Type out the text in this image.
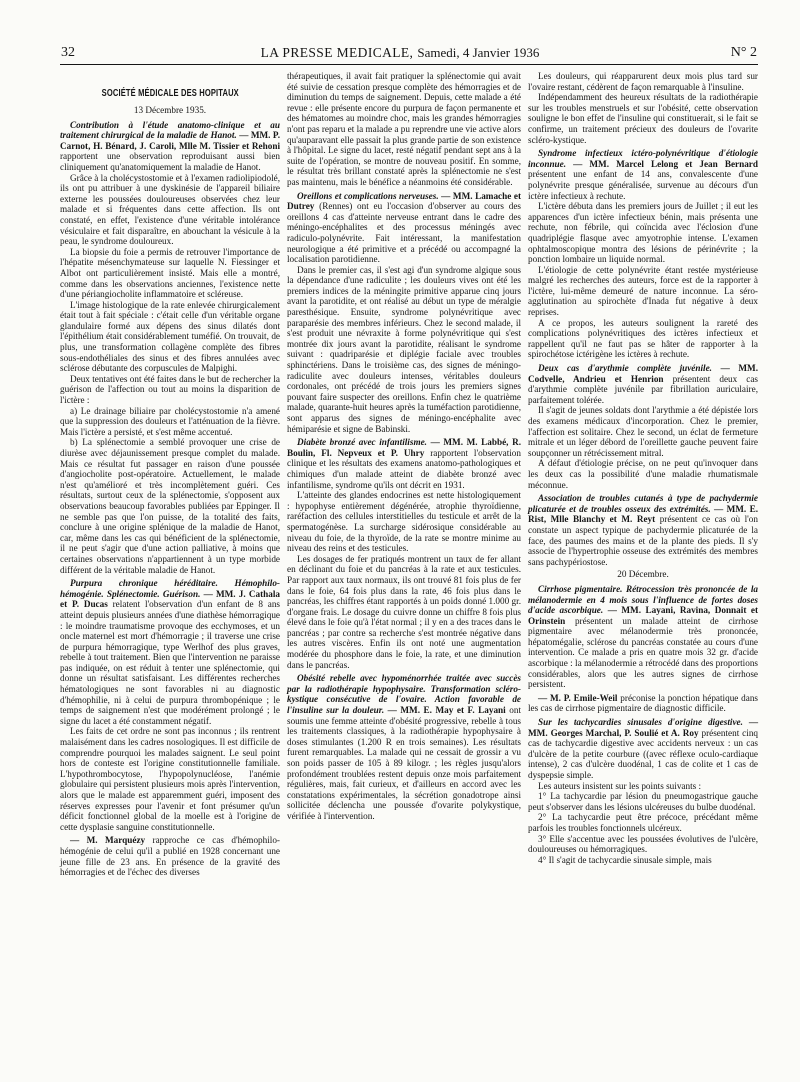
32	LA PRESSE MEDICALE, Samedi, 4 Janvier 1936	N° 2
SOCIÉTÉ MÉDICALE DES HOPITAUX

13 Décembre 1935.

Contribution à l'étude anatomo-clinique et au traitement chirurgical de la maladie de Hanot. — MM. P. Carnot, H. Bénard, J. Caroli, Mlle M. Tissier et Rehoni rapportent une observation reproduisant aussi bien cliniquement qu'anatomiquement la maladie de Hanot.

Grâce à la cholécystostomie et à l'examen radiolipiodolé, ils ont pu attribuer à une dyskinésie de l'appareil biliaire externe les poussées douloureuses observées chez leur malade et si fréquentes dans cette affection. Ils ont constaté, en effet, l'existence d'une véritable intolérance vésiculaire et fait disparaître, en abouchant la vésicule à la peau, le syndrome douloureux.

La biopsie du foie a permis de retrouver l'importance de l'hépatite mésenchymateuse sur laquelle N. Fiessinger et Albot ont particulièrement insisté. Mais elle a montré, comme dans les observations anciennes, l'existence nette d'une périangiocholite inflammatoire et scléreuse.

L'image histologique de la rate enlevée chirurgicalement était tout à fait spéciale : c'était celle d'un véritable organe glandulaire formé aux dépens des sinus dilatés dont l'épithélium était considérablement tuméfié. On trouvait, de plus, une transformation collagène complète des fibres sous-endothéliales des sinus et des fibres annulées avec sclérose débutante des corpuscules de Malpighi.

Deux tentatives ont été faites dans le but de rechercher la guérison de l'affection ou tout au moins la disparition de l'ictère :

a) Le drainage biliaire par cholécystostomie n'a amené que la suppression des douleurs et l'atténuation de la fièvre. Mais l'ictère a persisté, et s'est même accentué.

b) La splénectomie a semblé provoquer une crise de diurèse avec déjaunissement presque complet du malade. Mais ce résultat fut passager en raison d'une poussée d'angiocholite post-opératoire. Actuellement, le malade n'est qu'amélioré et très incomplètement guéri. Ces résultats, surtout ceux de la splénectomie, s'opposent aux observations beaucoup favorables publiées par Eppinger. Il ne semble pas que l'on puisse, de la totalité des faits, conclure à une origine splénique de la maladie de Hanot, car, même dans les cas qui bénéficient de la splénectomie, il ne peut s'agir que d'une action palliative, à moins que certaines observations n'appartiennent à un type morbide différent de la véritable maladie de Hanot.

Purpura chronique héréditaire. Hémophilo-hémogénie. Splénectomie. Guérison. — MM. J. Cathala et P. Ducas relatent l'observation d'un enfant de 8 ans atteint depuis plusieurs années d'une diathèse hémorragique : le moindre traumatisme provoque des ecchymoses, et un oncle maternel est mort d'hémorragie ; il traverse une crise de purpura hémorragique, type Werlhof des plus graves, rebelle à tout traitement. Bien que l'intervention ne paraisse pas indiquée, on est réduit à tenter une splénectomie, qui donne un résultat satisfaisant. Les différentes recherches hématologiques ne sont favorables ni au diagnostic d'hémophilie, ni à celui de purpura thrombopénique ; le temps de saignement n'est que modérément prolongé ; le signe du lacet a été constamment négatif.

Les faits de cet ordre ne sont pas inconnus ; ils rentrent malaisément dans les cadres nosologiques. Il est difficile de comprendre pourquoi les malades saignent. Le seul point hors de conteste est l'origine constitutionnelle familiale. L'hypothrombocytose, l'hypopolynucléose, l'anémie globulaire qui persistent plusieurs mois après l'intervention, alors que le malade est apparemment guéri, imposent des réserves expresses pour l'avenir et font présumer qu'un déficit fonctionnel global de la moelle est à l'origine de cette dysplasie sanguine constitutionnelle.

— M. Marquézy rapproche ce cas d'hémophilo-hémogénie de celui qu'il a publié en 1928 concernant une jeune fille de 23 ans. En présence de la gravité des hémorragies et de l'échec des diverses

thérapeutiques, il avait fait pratiquer la splénectomie qui avait été suivie de cessation presque complète des hémorragies et de diminution du temps de saignement. Depuis, cette malade a été revue : elle présente encore du purpura de façon permanente et des hématomes au moindre choc, mais les grandes hémorragies n'ont pas reparu et la malade a pu reprendre une vie active alors qu'auparavant elle passait la plus grande partie de son existence à l'hôpital. Le signe du lacet, resté négatif pendant sept ans à la suite de l'opération, se montre de nouveau positif. En somme, le résultat très brillant constaté après la splénectomie ne s'est pas maintenu, mais le bénéfice a néanmoins été considérable.

Oreillons et complications nerveuses. — MM. Lamache et Dutrey (Rennes) ont eu l'occasion d'observer au cours des oreillons 4 cas d'atteinte nerveuse entrant dans le cadre des méningo-encéphalites et des processus méningés avec radiculo-polynévrite. Fait intéressant, la manifestation neurologique a été primitive et a précédé ou accompagné la localisation parotidienne.

Dans le premier cas, il s'est agi d'un syndrome algique sous la dépendance d'une radiculite ; les douleurs vives ont été les premiers indices de la méningite primitive apparue cinq jours avant la parotidite, et ont réalisé au début un type de méralgie paresthésique. Ensuite, syndrome polynévritique avec paraparésie des membres inférieurs. Chez le second malade, il s'est produit une névraxite à forme polynévritique qui s'est montrée dix jours avant la parotidite, réalisant le syndrome suivant : quadriparésie et diplégie faciale avec troubles sphinctériens. Dans le troisième cas, des signes de méningo-radiculite avec douleurs intenses, véritables douleurs cordonales, ont précédé de trois jours les premiers signes pouvant faire suspecter des oreillons. Enfin chez le quatrième malade, quarante-huit heures après la tuméfaction parotidienne, sont apparus des signes de méningo-encéphalite avec hémiparésie et signe de Babinski.

Diabète bronzé avec infantilisme. — MM. M. Labbé, R. Boulin, Fl. Nepveux et P. Uhry rapportent l'observation clinique et les résultats des examens anatomo-pathologiques et chimiques d'un malade atteint de diabète bronzé avec infantilisme, syndrome qu'ils ont décrit en 1931.

L'atteinte des glandes endocrines est nette histologiquement : hypophyse entièrement dégénérée, atrophie thyroïdienne, raréfaction des cellules interstitielles du testicule et arrêt de la spermatogénèse. La surcharge sidérosique considérable au niveau du foie, de la thyroïde, de la rate se montre minime au niveau des reins et des testicules.

Les dosages de fer pratiqués montrent un taux de fer allant en déclinant du foie et du pancréas à la rate et aux testicules. Par rapport aux taux normaux, ils ont trouvé 81 fois plus de fer dans le foie, 64 fois plus dans la rate, 46 fois plus dans le pancréas, les chiffres étant rapportés à un poids donné 1.000 gr. d'organe frais. Le dosage du cuivre donne un chiffre 8 fois plus élevé dans le foie qu'à l'état normal ; il y en a des traces dans le pancréas ; par contre sa recherche s'est montrée négative dans les autres viscères. Enfin ils ont noté une augmentation modérée du phosphore dans le foie, la rate, et une diminution dans le pancréas.

Obésité rebelle avec hypoménorrhée traitée avec succès par la radiothérapie hypophysaire. Transformation scléro-kystique consécutive de l'ovaire. Action favorable de l'insuline sur la douleur. — MM. E. May et F. Layani ont soumis une femme atteinte d'obésité progressive, rebelle à tous les traitements classiques, à la radiothérapie hypophysaire à doses stimulantes (1.200 R en trois semaines). Les résultats furent remarquables. La malade qui ne cessait de grossir a vu son poids passer de 105 à 89 kilogr. ; les règles jusqu'alors profondément troublées restent depuis onze mois parfaitement régulières, mais, fait curieux, et d'ailleurs en accord avec les constatations expérimentales, la sécrétion gonadotrope ainsi sollicitée déclencha une poussée d'ovarite polykystique, vérifiée à l'intervention.

Les douleurs, qui réapparurent deux mois plus tard sur l'ovaire restant, cédèrent de façon remarquable à l'insuline.

Indépendamment des heureux résultats de la radiothérapie sur les troubles menstruels et sur l'obésité, cette observation souligne le bon effet de l'insuline qui constituerait, si le fait se confirme, un traitement précieux des douleurs de l'ovarite scléro-kystique.

Syndrome infectieux ictéro-polynévritique d'étiologie inconnue. — MM. Marcel Lelong et Jean Bernard présentent une enfant de 14 ans, convalescente d'une polynévrite presque généralisée, survenue au décours d'un ictère infectieux à rechute.

L'ictère débuta dans les premiers jours de Juillet ; il eut les apparences d'un ictère infectieux bénin, mais présenta une rechute, non fébrile, qui coïncida avec l'éclosion d'une quadriplégie flasque avec amyotrophie intense. L'examen ophtalmoscopique montra des lésions de périnévrite ; la ponction lombaire un liquide normal.

L'étiologie de cette polynévrite étant restée mystérieuse malgré les recherches des auteurs, force est de la rapporter à l'ictère, lui-même demeuré de nature inconnue. La séro-agglutination au spirochète d'Inada fut négative à deux reprises.

A ce propos, les auteurs soulignent la rareté des complications polynévritiques des ictères infectieux et rappellent qu'il ne faut pas se hâter de rapporter à la spirochétose ictérigène les ictères à rechute.

Deux cas d'arythmie complète juvénile. — MM. Codvelle, Andrieu et Henrion présentent deux cas d'arythmie complète juvénile par fibrillation auriculaire, parfaitement tolérée.

Il s'agit de jeunes soldats dont l'arythmie a été dépistée lors des examens médicaux d'incorporation. Chez le premier, l'affection est solitaire. Chez le second, un éclat de fermeture mitrale et un léger débord de l'oreillette gauche peuvent faire soupçonner un rétrécissement mitral.

A défaut d'étiologie précise, on ne peut qu'invoquer dans les deux cas la possibilité d'une maladie rhumatismale méconnue.

Association de troubles cutanés à type de pachydermie plicaturée et de troubles osseux des extrémités. — MM. E. Rist, Mlle Blanchy et M. Reyt présentent ce cas où l'on constate un aspect typique de pachydermie plicaturée de la face, des paumes des mains et de la plante des pieds. Il s'y associe de l'hypertrophie osseuse des extrémités des membres sans pachypériostose.

20 Décembre.

Cirrhose pigmentaire. Rétrocession très prononcée de la mélanodermie en 4 mois sous l'influence de fortes doses d'acide ascorbique. — MM. Layani, Ravina, Donnait et Orinstein présentent un malade atteint de cirrhose pigmentaire avec mélanodermie très prononcée, hépatomégalie, sclérose du pancréas constatée au cours d'une intervention. Ce malade a pris en quatre mois 32 gr. d'acide ascorbique : la mélanodermie a rétrocédé dans des proportions considérables, alors que les autres signes de cirrhose persistent.

— M. P. Emile-Weil préconise la ponction hépatique dans les cas de cirrhose pigmentaire de diagnostic difficile.

Sur les tachycardies sinusales d'origine digestive. — MM. Georges Marchal, P. Soulié et A. Roy présentent cinq cas de tachycardie digestive avec accidents nerveux : un cas d'ulcère de la petite courbure ((avec réflexe oculo-cardiaque intense), 2 cas d'ulcère duodénal, 1 cas de colite et 1 cas de dyspepsie simple.

Les auteurs insistent sur les points suivants :

1° La tachycardie par lésion du pneumogastrique gauche peut s'observer dans les lésions ulcéreuses du bulbe duodénal.

2° La tachycardie peut être précoce, précédant même parfois les troubles fonctionnels ulcéreux.

3° Elle s'accentue avec les poussées évolutives de l'ulcère, douloureuses ou hémorragiques.

4° Il s'agit de tachycardie sinusale simple, mais
